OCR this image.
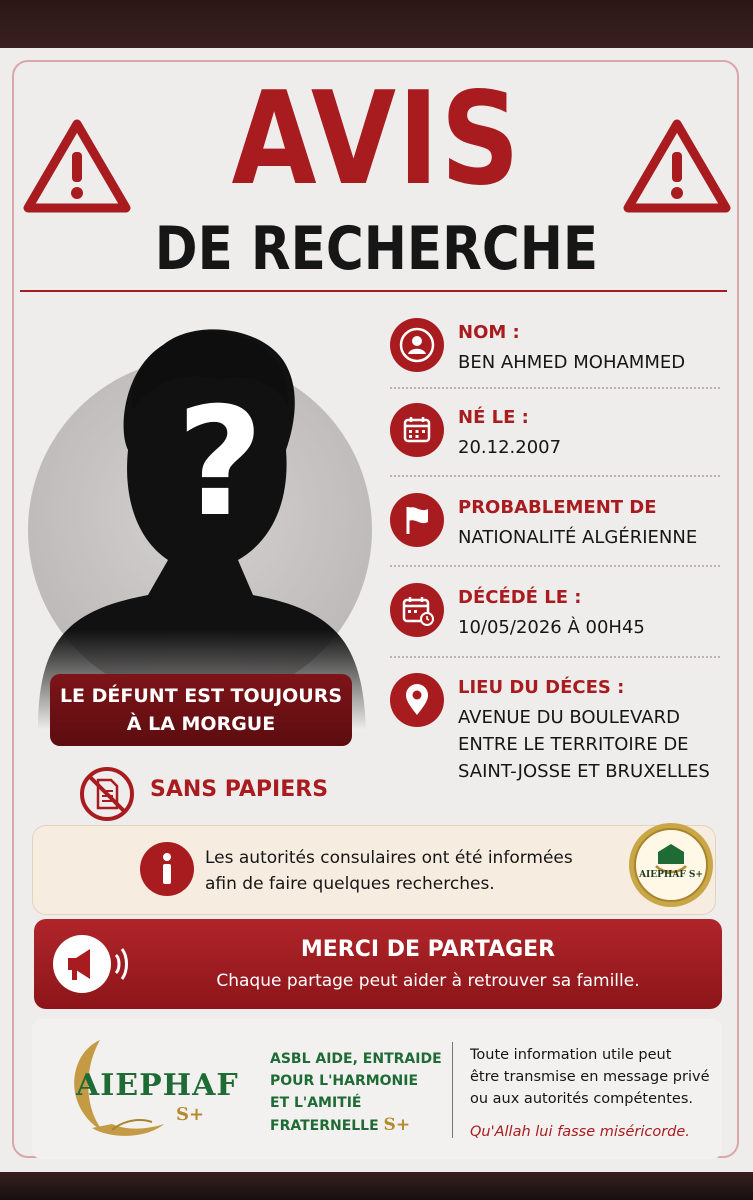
AVIS
DE RECHERCHE
?
LE DÉFUNT EST TOUJOURS
À LA MORGUE
SANS PAPIERS
NOM :
BEN AHMED MOHAMMED
NÉ LE :
20.12.2007
PROBABLEMENT DE
NATIONALITÉ ALGÉRIENNE
DÉCÉDÉ LE :
10/05/2026 À 00H45
LIEU DU DÉCES :
AVENUE DU BOULEVARD
ENTRE LE TERRITOIRE DE
SAINT-JOSSE ET BRUXELLES
Les autorités consulaires ont été informées
afin de faire quelques recherches.	AIEPHAF S+
MERCI DE PARTAGER
Chaque partage peut aider à retrouver sa famille.
AIEPHAF
S+
ASBL AIDE, ENTRAIDE
POUR L'HARMONIE
ET L'AMITIÉ
FRATERNELLE S+
Toute information utile peut
être transmise en message privé
ou aux autorités compétentes.
Qu'Allah lui fasse miséricorde.
